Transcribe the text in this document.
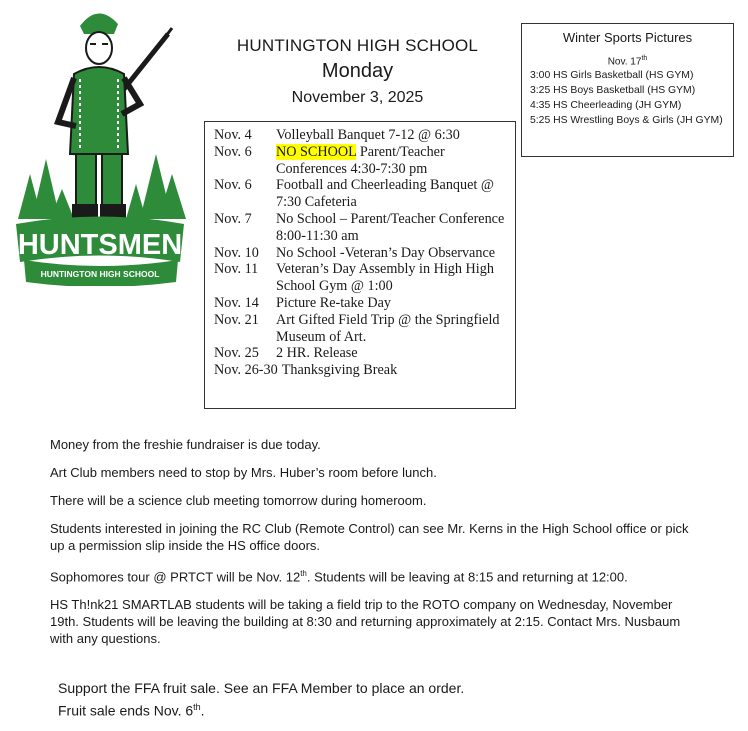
HUNTSMEN
HUNTINGTON HIGH SCHOOL
HUNTINGTON HIGH SCHOOL
Monday
November 3, 2025
Nov. 4	Volleyball Banquet 7-12 @ 6:30
Nov. 6	NO SCHOOL Parent/Teacher Conferences 4:30-7:30 pm
Nov. 6	Football and Cheerleading Banquet @ 7:30 Cafeteria
Nov. 7	No School – Parent/Teacher Conference 8:00-11:30 am
Nov. 10	No School -Veteran’s Day Observance
Nov. 11	Veteran’s Day Assembly in High High School Gym @ 1:00
Nov. 14	Picture Re-take Day
Nov. 21	Art Gifted Field Trip @ the Springfield Museum of Art.
Nov. 25	2 HR. Release
Nov. 26-30 Thanksgiving Break
Winter Sports Pictures
Nov. 17th
3:00 HS Girls Basketball (HS GYM)
3:25 HS Boys Basketball (HS GYM)
4:35 HS Cheerleading (JH GYM)
5:25 HS Wrestling Boys & Girls (JH GYM)

Money from the freshie fundraiser is due today.

Art Club members need to stop by Mrs. Huber’s room before lunch.

There will be a science club meeting tomorrow during homeroom.

Students interested in joining the RC Club (Remote Control) can see Mr. Kerns in the High School office or pick up a permission slip inside the HS office doors.

Sophomores tour @ PRTCT will be Nov. 12th. Students will be leaving at 8:15 and returning at 12:00.

HS Th!nk21 SMARTLAB students will be taking a field trip to the ROTO company on Wednesday, November 19th. Students will be leaving the building at 8:30 and returning approximately at 2:15. Contact Mrs. Nusbaum with any questions.

Support the FFA fruit sale. See an FFA Member to place an order.
Fruit sale ends Nov. 6th.
